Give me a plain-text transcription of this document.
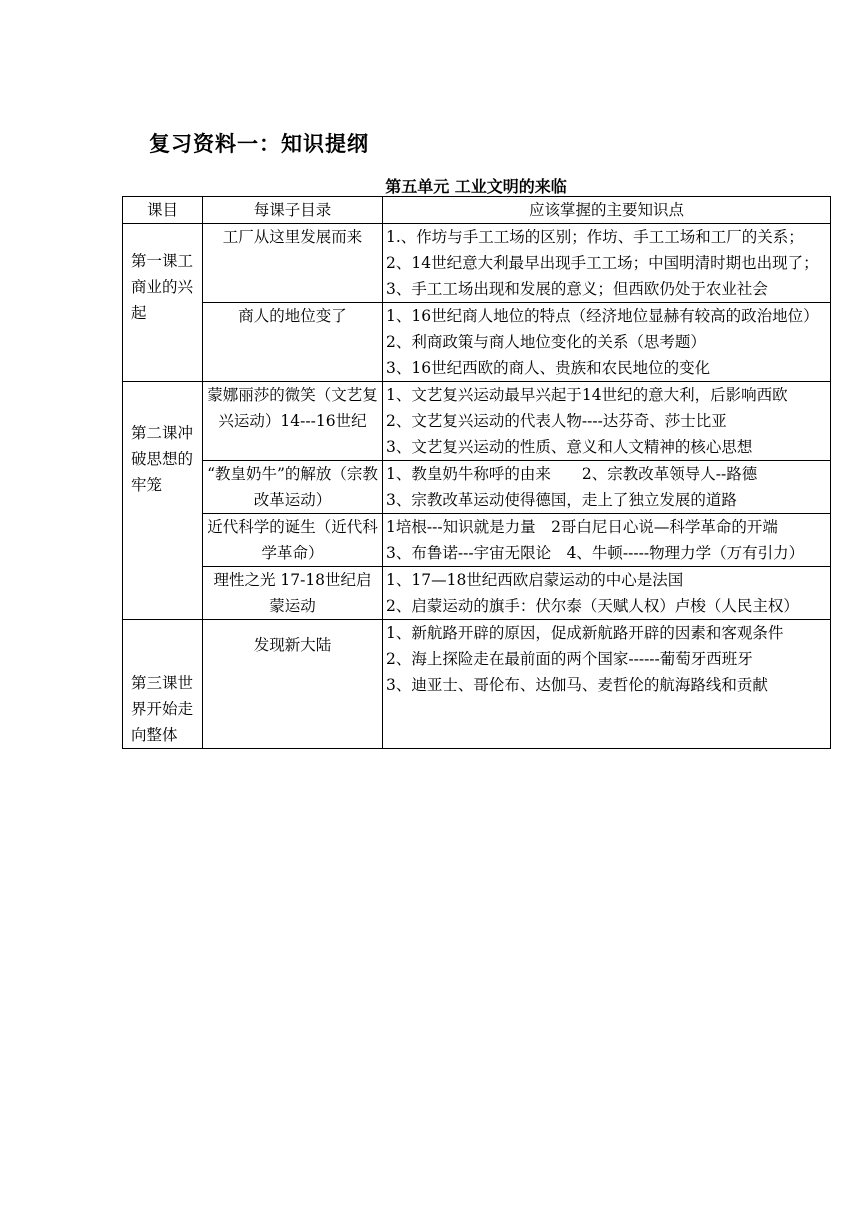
复习资料一：知识提纲
第五单元 工业文明的来临
课目	每课子目录	应该掌握的主要知识点

第一课工商业的兴起	工厂从这里发展而来	1.、作坊与手工工场的区别；作坊、手工工场和工厂的关系；
2、14世纪意大利最早出现手工工场；中国明清时期也出现了；
3、手工工场出现和发展的意义；但西欧仍处于农业社会

	商人的地位变了	1、16世纪商人地位的特点（经济地位显赫有较高的政治地位）
2、利商政策与商人地位变化的关系（思考题）
3、16世纪西欧的商人、贵族和农民地位的变化

第二课冲破思想的牢笼	蒙娜丽莎的微笑（文艺复兴运动）14---16世纪	1、文艺复兴运动最早兴起于14世纪的意大利，后影响西欧
2、文艺复兴运动的代表人物----达芬奇、莎士比亚
3、文艺复兴运动的性质、意义和人文精神的核心思想

	“教皇奶牛”的解放（宗教改革运动）	1、教皇奶牛称呼的由来　　2、宗教改革领导人--路德
3、宗教改革运动使得德国，走上了独立发展的道路

	近代科学的诞生（近代科学革命）	1培根---知识就是力量　2哥白尼日心说—科学革命的开端
3、布鲁诺---宇宙无限论　4、牛顿-----物理力学（万有引力）

	理性之光 17-18世纪启蒙运动	1、17—18世纪西欧启蒙运动的中心是法国
2、启蒙运动的旗手：伏尔泰（天赋人权）卢梭（人民主权）

第三课世界开始走向整体	发现新大陆	1、新航路开辟的原因，促成新航路开辟的因素和客观条件
2、海上探险走在最前面的两个国家------葡萄牙西班牙
3、迪亚士、哥伦布、达伽马、麦哲伦的航海路线和贡献
